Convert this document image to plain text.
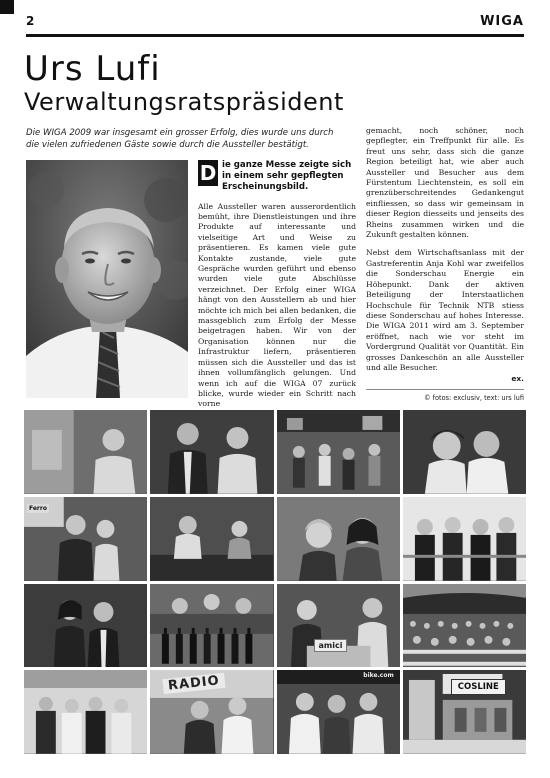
2	WIGA
Urs Lufi
Verwaltungsratspräsident

Die WIGA 2009 war insgesamt ein grosser Erfolg, dies wurde uns durch die vielen zufriedenen Gäste sowie durch die Aussteller bestätigt.

D ie ganze Messe zeigte sich in einem sehr gepflegten Erscheinungsbild.

Alle Aussteller waren ausserordentlich bemüht, ihre Dienstleistungen und ihre Produkte auf interessante und vielseitige Art und Weise zu präsentieren. Es kamen viele gute Kontakte zustande, viele gute Gespräche wurden geführt und ebenso wurden viele gute Abschlüsse verzeichnet. Der Erfolg einer WIGA hängt von den Ausstellern ab und hier möchte ich mich bei allen bedanken, die massgeblich zum Erfolg der Messe beigetragen haben. Wir von der Organisation können nur die Infrastruktur liefern, präsentieren müssen sich die Aussteller und das ist ihnen vollumfänglich gelungen. Und wenn ich auf die WIGA 07 zurück blicke, wurde wieder ein Schritt nach vorne

gemacht, noch schöner, noch gepflegter, ein Treffpunkt für alle. Es freut uns sehr, dass sich die ganze Region beteiligt hat, wie aber auch Aussteller und Besucher aus dem Fürstentum Liechtenstein, es soll ein grenzüberschreitendes Gedankengut einfliessen, so dass wir gemeinsam in dieser Region diesseits und jenseits des Rheins zusammen wirken und die Zukunft gestalten können.

Nebst dem Wirtschaftsanlass mit der Gastreferentin Anja Kohl war zweifellos die Sonderschau Energie ein Höhepunkt. Dank der aktiven Beteiligung der Interstaatlichen Hochschule für Technik NTB stiess diese Sonderschau auf hohes Interesse. Die WIGA 2011 wird am 3. September eröffnet, nach wie vor steht im Vordergrund Qualität vor Quantität. Ein grosses Dankeschön an alle Aussteller und alle Besucher.

ex.
© fotos: exclusiv, text: urs lufi
Ferro
amici
RADIO	bike.com
COSLINE
